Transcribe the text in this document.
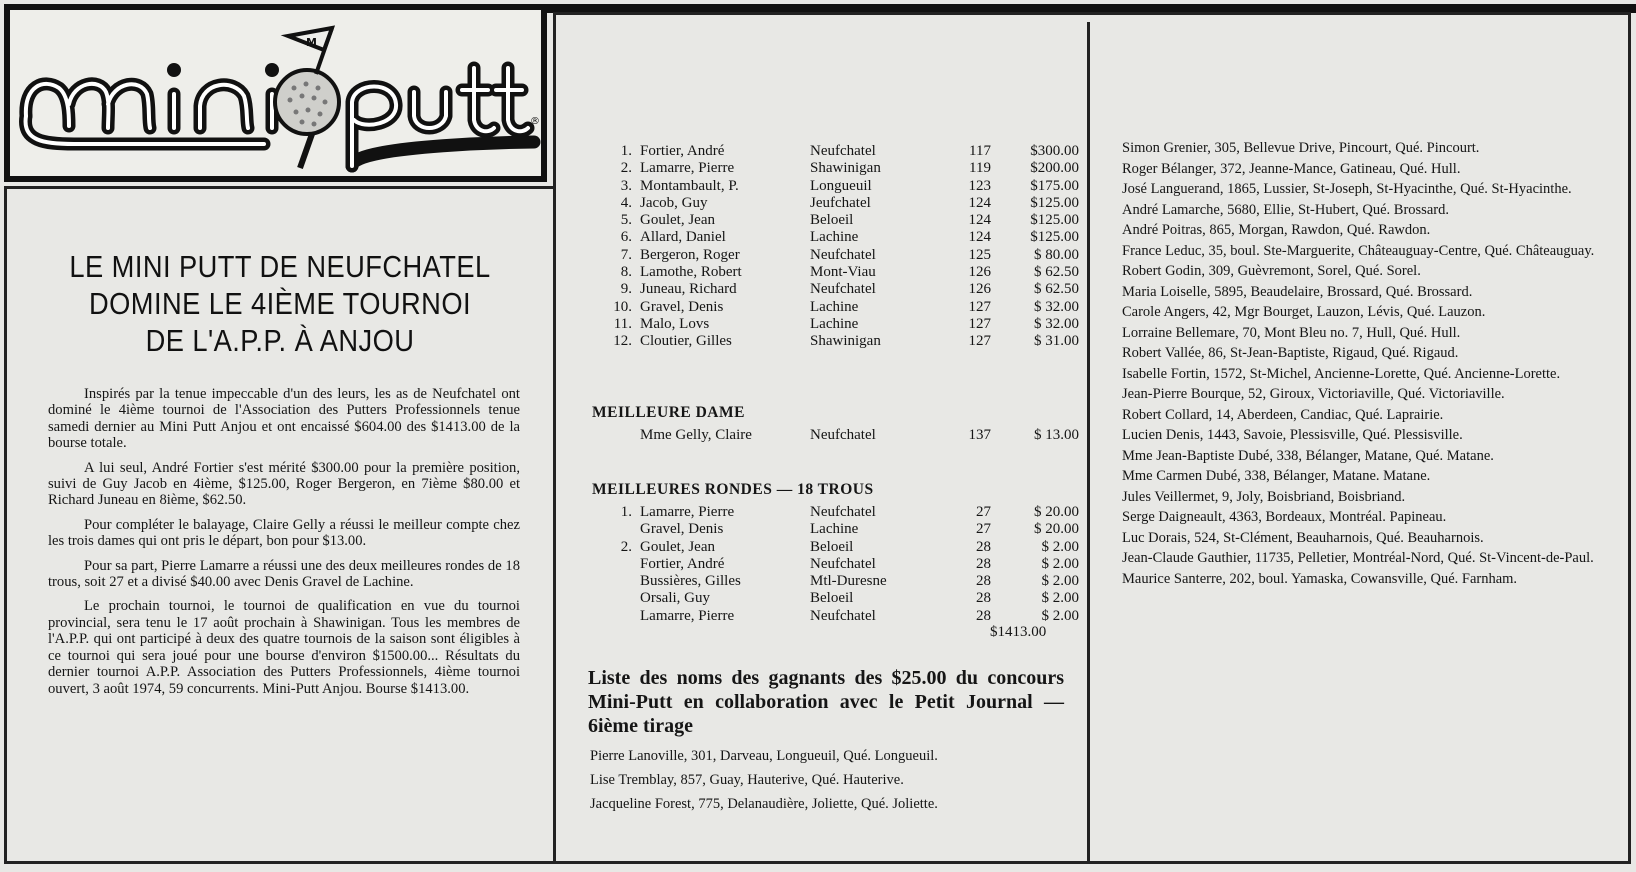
M
®
LE MINI PUTT DE NEUFCHATEL
DOMINE LE 4IÈME TOURNOI
DE L'A.P.P. À ANJOU

Inspirés par la tenue impeccable d'un des leurs, les as de Neufchatel ont dominé le 4ième tournoi de l'Association des Putters Professionnels tenue samedi dernier au Mini Putt Anjou et ont encaissé $604.00 des $1413.00 de la bourse totale.

A lui seul, André Fortier s'est mérité $300.00 pour la première position, suivi de Guy Jacob en 4ième, $125.00, Roger Bergeron, en 7ième $80.00 et Richard Juneau en 8ième, $62.50.

Pour compléter le balayage, Claire Gelly a réussi le meilleur compte chez les trois dames qui ont pris le départ, bon pour $13.00.

Pour sa part, Pierre Lamarre a réussi une des deux meilleures rondes de 18 trous, soit 27 et a divisé $40.00 avec Denis Gravel de Lachine.

Le prochain tournoi, le tournoi de qualification en vue du tournoi provincial, sera tenu le 17 août prochain à Shawinigan. Tous les membres de l'A.P.P. qui ont participé à deux des quatre tournois de la saison sont éligibles à ce tournoi qui sera joué pour une bourse d'environ $1500.00... Résultats du dernier tournoi A.P.P. Association des Putters Professionnels, 4ième tournoi ouvert, 3 août 1974, 59 concurrents. Mini-Putt Anjou. Bourse $1413.00.

1.	Fortier, André	Neufchatel	117	$300.00
2.	Lamarre, Pierre	Shawinigan	119	$200.00
3.	Montambault, P.	Longueuil	123	$175.00
4.	Jacob, Guy	Jeufchatel	124	$125.00
5.	Goulet, Jean	Beloeil	124	$125.00
6.	Allard, Daniel	Lachine	124	$125.00
7.	Bergeron, Roger	Neufchatel	125	$ 80.00
8.	Lamothe, Robert	Mont-Viau	126	$ 62.50
9.	Juneau, Richard	Neufchatel	126	$ 62.50
10.	Gravel, Denis	Lachine	127	$ 32.00
11.	Malo, Lovs	Lachine	127	$ 32.00
12.	Cloutier, Gilles	Shawinigan	127	$ 31.00
MEILLEURE DAME
	Mme Gelly, Claire	Neufchatel	137	$ 13.00
MEILLEURES RONDES — 18 TROUS
1.	Lamarre, Pierre	Neufchatel	27	$ 20.00
	Gravel, Denis	Lachine	27	$ 20.00
2.	Goulet, Jean	Beloeil	28	$ 2.00
	Fortier, André	Neufchatel	28	$ 2.00
	Bussières, Gilles	Mtl-Duresne	28	$ 2.00
	Orsali, Guy	Beloeil	28	$ 2.00
	Lamarre, Pierre	Neufchatel	28	$ 2.00
$1413.00
Liste des noms des gagnants des $25.00 du concours Mini-Putt en collaboration avec le Petit Journal — 6ième tirage
Pierre Lanoville, 301, Darveau, Longueuil, Qué. Longueuil.
Lise Tremblay, 857, Guay, Hauterive, Qué. Hauterive.
Jacqueline Forest, 775, Delanaudière, Joliette, Qué. Joliette.
Simon Grenier, 305, Bellevue Drive, Pincourt, Qué. Pincourt.
Roger Bélanger, 372, Jeanne-Mance, Gatineau, Qué. Hull.
José Languerand, 1865, Lussier, St-Joseph, St-Hyacinthe, Qué. St-Hyacinthe.
André Lamarche, 5680, Ellie, St-Hubert, Qué. Brossard.
André Poitras, 865, Morgan, Rawdon, Qué. Rawdon.
France Leduc, 35, boul. Ste-Marguerite, Châteauguay-Centre, Qué. Châteauguay.
Robert Godin, 309, Guèvremont, Sorel, Qué. Sorel.
Maria Loiselle, 5895, Beaudelaire, Brossard, Qué. Brossard.
Carole Angers, 42, Mgr Bourget, Lauzon, Lévis, Qué. Lauzon.
Lorraine Bellemare, 70, Mont Bleu no. 7, Hull, Qué. Hull.
Robert Vallée, 86, St-Jean-Baptiste, Rigaud, Qué. Rigaud.
Isabelle Fortin, 1572, St-Michel, Ancienne-Lorette, Qué. Ancienne-Lorette.
Jean-Pierre Bourque, 52, Giroux, Victoriaville, Qué. Victoriaville.
Robert Collard, 14, Aberdeen, Candiac, Qué. Laprairie.
Lucien Denis, 1443, Savoie, Plessisville, Qué. Plessisville.
Mme Jean-Baptiste Dubé, 338, Bélanger, Matane, Qué. Matane.
Mme Carmen Dubé, 338, Bélanger, Matane. Matane.
Jules Veillermet, 9, Joly, Boisbriand, Boisbriand.
Serge Daigneault, 4363, Bordeaux, Montréal. Papineau.
Luc Dorais, 524, St-Clément, Beauharnois, Qué. Beauharnois.
Jean-Claude Gauthier, 11735, Pelletier, Montréal-Nord, Qué. St-Vincent-de-Paul.
Maurice Santerre, 202, boul. Yamaska, Cowansville, Qué. Farnham.
